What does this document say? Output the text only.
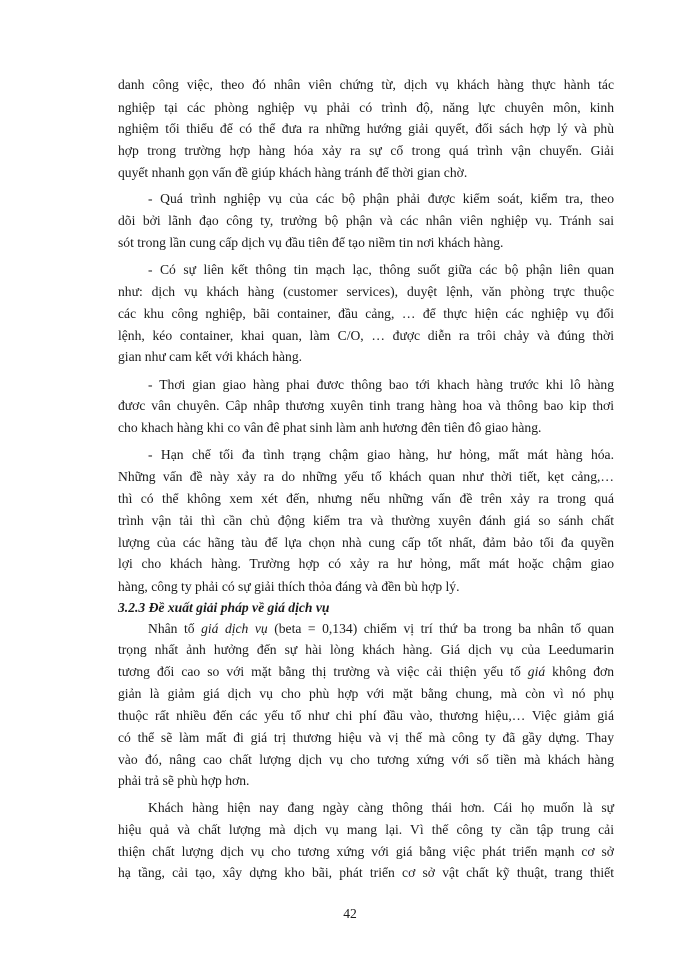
danh công việc, theo đó nhân viên chứng từ, dịch vụ khách hàng thực hành tác
nghiệp tại các phòng nghiệp vụ phải có trình độ, năng lực chuyên môn, kinh
nghiệm tối thiểu để có thể đưa ra những hướng giải quyết, đối sách hợp lý và phù
hợp trong trường hợp hàng hóa xảy ra sự cố trong quá trình vận chuyển. Giải
quyết nhanh gọn vấn đề giúp khách hàng tránh để thời gian chờ.
- Quá trình nghiệp vụ của các bộ phận phải được kiểm soát, kiểm tra, theo
dõi bởi lãnh đạo công ty, trưởng bộ phận và các nhân viên nghiệp vụ. Tránh sai
sót trong lần cung cấp dịch vụ đầu tiên để tạo niềm tin nơi khách hàng.
- Có sự liên kết thông tin mạch lạc, thông suốt giữa các bộ phận liên quan
như: dịch vụ khách hàng (customer services), duyệt lệnh, văn phòng trực thuộc
các khu công nghiệp, bãi container, đầu cảng, … để thực hiện các nghiệp vụ đổi
lệnh, kéo container, khai quan, làm C/O, … được diễn ra trôi chảy và đúng thời
gian như cam kết với khách hàng.
- Thơi gian giao hàng phai đươc thông bao tới khach hàng trước khi lô hàng
đươc vân chuyên. Câp nhâp thương xuyên tinh trang hàng hoa và thông bao kip thơi
cho khach hàng khi co vân đê phat sinh làm anh hương đên tiên đô giao hàng.
- Hạn chế tối đa tình trạng chậm giao hàng, hư hỏng, mất mát hàng hóa.
Những vấn đề này xảy ra do những yếu tố khách quan như thời tiết, kẹt cảng,…
thì có thể không xem xét đến, nhưng nếu những vấn đề trên xảy ra trong quá
trình vận tải thì cần chủ động kiểm tra và thường xuyên đánh giá so sánh chất
lượng của các hãng tàu để lựa chọn nhà cung cấp tốt nhất, đảm bảo tối đa quyền
lợi cho khách hàng. Trường hợp có xảy ra hư hỏng, mất mát hoặc chậm giao
hàng, công ty phải có sự giải thích thỏa đáng và đền bù hợp lý.
3.2.3 Đề xuất giải pháp về giá dịch vụ
Nhân tố giá dịch vụ (beta = 0,134) chiếm vị trí thứ ba trong ba nhân tố quan
trọng nhất ảnh hưởng đến sự hài lòng khách hàng. Giá dịch vụ của Leedumarin
tương đối cao so với mặt bằng thị trường và việc cải thiện yếu tố giá không đơn
giản là giảm giá dịch vụ cho phù hợp với mặt bằng chung, mà còn vì nó phụ
thuộc rất nhiều đến các yếu tố như chi phí đầu vào, thương hiệu,… Việc giảm giá
có thể sẽ làm mất đi giá trị thương hiệu và vị thế mà công ty đã gầy dựng. Thay
vào đó, nâng cao chất lượng dịch vụ cho tương xứng với số tiền mà khách hàng
phải trả sẽ phù hợp hơn.
Khách hàng hiện nay đang ngày càng thông thái hơn. Cái họ muốn là sự
hiệu quả và chất lượng mà dịch vụ mang lại. Vì thế công ty cần tập trung cải
thiện chất lượng dịch vụ cho tương xứng với giá bằng việc phát triển mạnh cơ sở
hạ tầng, cải tạo, xây dựng kho bãi, phát triển cơ sở vật chất kỹ thuật, trang thiết
42
